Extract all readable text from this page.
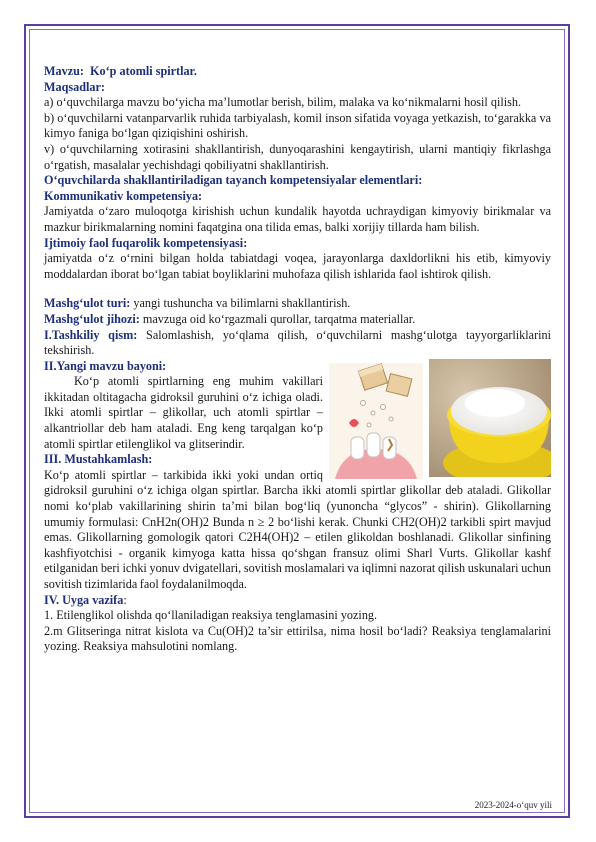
Mavzu: Ko‘p atomli spirtlar.

Maqsadlar:

a) o‘quvchilarga mavzu bo‘yicha ma’lumotlar berish, bilim, malaka va ko‘nikmalarni hosil qilish.

b) o‘quvchilarni vatanparvarlik ruhida tarbiyalash, komil inson sifatida voyaga yetkazish, to‘garakka va kimyo faniga bo‘lgan qiziqishini oshirish.

v) o‘quvchilarning xotirasini shakllantirish, dunyoqarashini kengaytirish, ularni mantiqiy fikrlashga o‘rgatish, masalalar yechishdagi qobiliyatni shakllantirish.

O‘quvchilarda shakllantiriladigan tayanch kompetensiyalar elementlari:

Kommunikativ kompetensiya:

Jamiyatda o‘zaro muloqotga kirishish uchun kundalik hayotda uchraydigan kimyoviy birikmalar va mazkur birikmalarning nomini faqatgina ona tilida emas, balki xorijiy tillarda ham bilish.

Ijtimoiy faol fuqarolik kompetensiyasi:

jamiyatda o‘z o‘rnini bilgan holda tabiatdagi voqea, jarayonlarga daxldorlikni his etib, kimyoviy moddalardan iborat bo‘lgan tabiat boyliklarini muhofaza qilish ishlarida faol ishtirok qilish.

Mashg‘ulot turi: yangi tushuncha va bilimlarni shakllantirish.

Mashg‘ulot jihozi: mavzuga oid ko‘rgazmali qurollar, tarqatma materiallar.

I.Tashkiliy qism: Salomlashish, yo‘qlama qilish, o‘quvchilarni mashg‘ulotga tayyorgarliklarini tekshirish.

II.Yangi mavzu bayoni:

Ko‘p atomli spirtlarning eng muhim vakillari ikkitadan oltitagacha gidroksil guruhini o‘z ichiga oladi. Ikki atomli spirtlar – glikollar, uch atomli spirtlar – alkantriollar deb ham ataladi. Eng keng tarqalgan ko‘p atomli spirtlar etilenglikol va glitserindir.

III. Mustahkamlash:

Ko‘p atomli spirtlar – tarkibida ikki yoki undan ortiq gidroksil guruhini o‘z ichiga olgan spirtlar. Barcha ikki atomli spirtlar glikollar deb ataladi. Glikollar nomi ko‘plab vakillarining shirin ta’mi bilan bog‘liq (yunoncha “glycos” - shirin). Glikollarning umumiy formulasi: CnH2n(OH)2 Bunda n ≥ 2 bo‘lishi kerak. Chunki CH2(OH)2 tarkibli spirt mavjud emas. Glikollarning gomologik qatori C2H4(OH)2 – etilen glikoldan boshlanadi. Glikollar sinfining kashfiyotchisi - organik kimyoga katta hissa qo‘shgan fransuz olimi Sharl Vurts. Glikollar kashf etilganidan beri ichki yonuv dvigatellari, sovitish moslamalari va iqlimni nazorat qilish uskunalari uchun sovitish tizimlarida faol foydalanilmoqda.

IV. Uyga vazifa:

1. Etilenglikol olishda qo‘llaniladigan reaksiya tenglamasini yozing.

2.m Glitseringa nitrat kislota va Cu(OH)2 ta’sir ettirilsa, nima hosil bo‘ladi? Reaksiya tenglamalarini yozing. Reaksiya mahsulotini nomlang.

2023-2024-o‘quv yili
